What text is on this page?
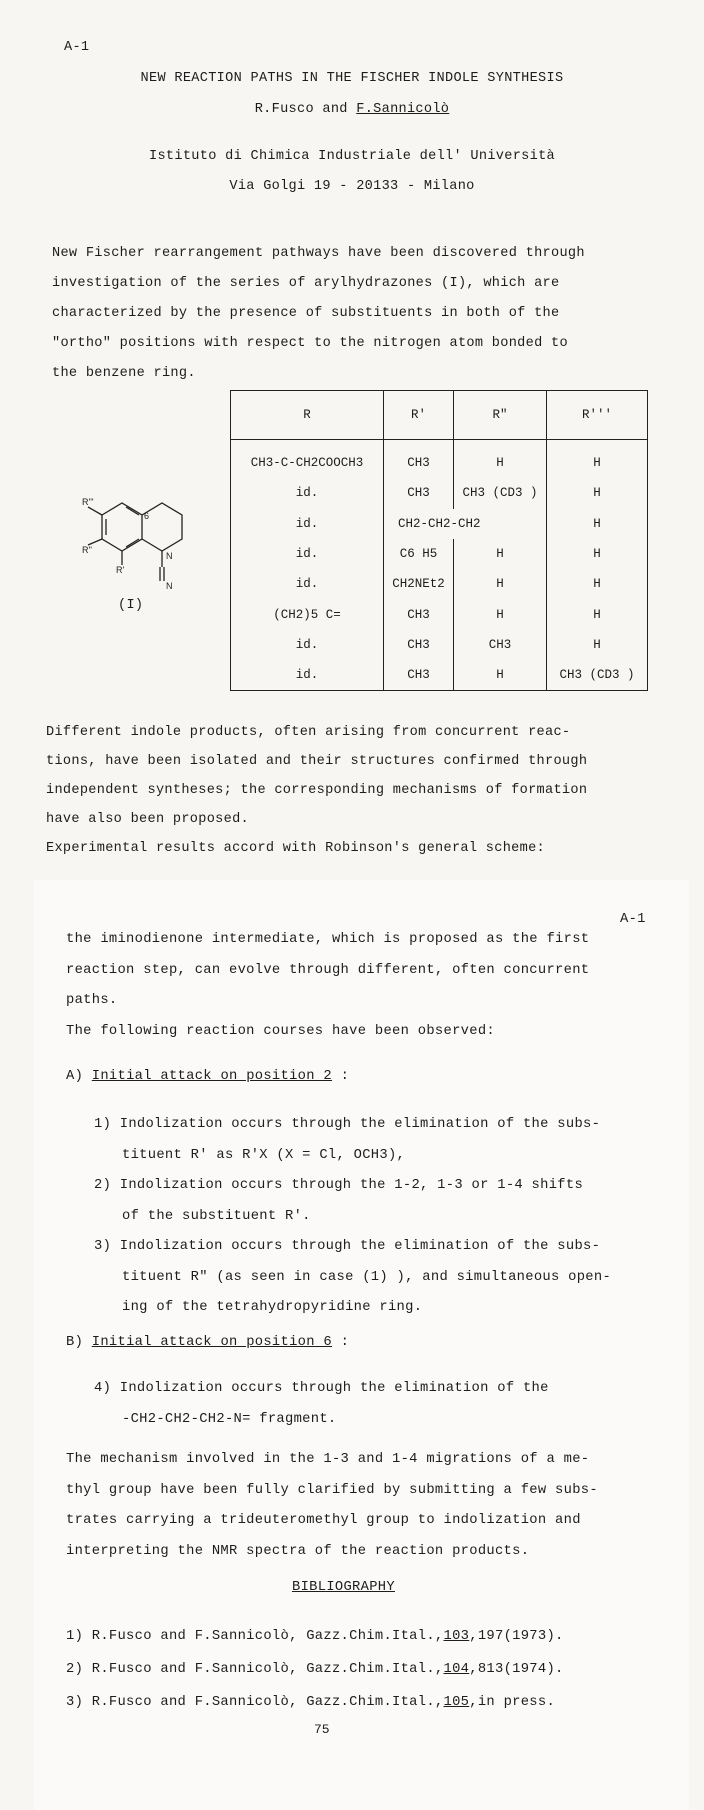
A-1
NEW REACTION PATHS IN THE FISCHER INDOLE SYNTHESIS
R.Fusco and F.Sannicolò
Istituto di Chimica Industriale dell' Università
Via Golgi 19 - 20133 - Milano
New Fischer rearrangement pathways have been discovered through
investigation of the series of arylhydrazones (I), which are
characterized by the presence of substituents in both of the
"ortho" positions with respect to the nitrogen atom bonded to
the benzene ring.
R'''
R''
R'
6
N
N
(I)
R	R'	R"	R'''
CH3-C-CH2COOCH3	CH3	H	H
id.	CH3	CH3 (CD3 )	H
id.	CH2-CH2-CH2		H
id.	C6 H5	H	H
id.	CH2NEt2	H	H
(CH2)5 C=	CH3	H	H
id.	CH3	CH3	H
id.	CH3	H	CH3 (CD3 )
Different indole products, often arising from concurrent reac-
tions, have been isolated and their structures confirmed through
independent syntheses; the corresponding mechanisms of formation
have also been proposed.
Experimental results accord with Robinson's general scheme:
A-1
the iminodienone intermediate, which is proposed as the first
reaction step, can evolve through different, often concurrent
paths.
The following reaction courses have been observed:
A) Initial attack on position 2 :
1) Indolization occurs through the elimination of the subs-
tituent R' as R'X (X = Cl, OCH3),
2) Indolization occurs through the 1-2, 1-3 or 1-4 shifts
of the substituent R'.
3) Indolization occurs through the elimination of the subs-
tituent R" (as seen in case (1) ), and simultaneous open-
ing of the tetrahydropyridine ring.
B) Initial attack on position 6 :
4) Indolization occurs through the elimination of the
-CH2-CH2-CH2-N= fragment.
The mechanism involved in the 1-3 and 1-4 migrations of a me-
thyl group have been fully clarified by submitting a few subs-
trates carrying a trideuteromethyl group to indolization and
interpreting the NMR spectra of the reaction products.
BIBLIOGRAPHY
1) R.Fusco and F.Sannicolò, Gazz.Chim.Ital.,103,197(1973).
2) R.Fusco and F.Sannicolò, Gazz.Chim.Ital.,104,813(1974).
3) R.Fusco and F.Sannicolò, Gazz.Chim.Ital.,105,in press.
75
